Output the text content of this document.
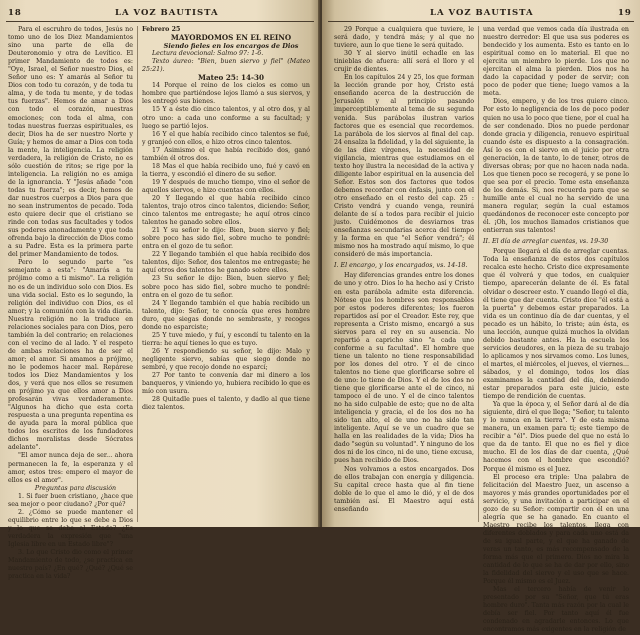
18	LA VOZ BAUTISTA

Para el escruhro de todos, Jesús no tomo uno de los Diez Mandamientos sino una parte de ella de Deuteronomio y otra de Levítico. El primer Mandamiento de todos es: "Oye, Israel, el Señor nuestro Dios, el Señor uno es: Y amarás al Señor tu Dios con todo tu corazón, y de toda tu alma, y de toda tu mente, y de todas tus fuerzas". Hemos de amar a Dios con todo el corazón, nuestras emociones; con toda el alma, con todas nuestras fuerzas espirituales, es decir, Dios ha de ser nuestro Norte y Guía; y hemos de amar a Dios con toda la mente, la inteligencia. La religión verdadera, la religión de Cristo, no es sólo cuestión de ritos; se rige por la inteligencia. La religión no es amiga de la ignorancia. Y "Jesús añade "con todas tu fuerza"; es decir, hemos de dar nuestros cuerpos a Dios para que no sean instrumentos de pecado. Toda esto quiere decir que el cristiano se rinde con todas sus facultades y todos sus poderes anonadamente y que toda ofrenda bajo la dirección de Dios como a su Padre. Esta es la primera parte del primer Mandamiento de todos.

Pero lo segundo parte "es semejante a esta": "Amarás a tu prójimo como a ti mismo". La religión no es de un individuo solo con Dios. Es una vida social. Esto es lo segundo, la religión del individuo con Dios, es el amor; y la comunión con la vida diaria. Nuestra religión no la traduce en relaciones sociales para con Dios, pero también la del contrario; en relaciones con el vecino de al lado. Y el respeto de ambas relaciones ha de ser el amor; el amor. Si amamos a prójimo, no le podemos hacer mal. Repárese todos los Diez Mandamientos y los dos, y verá que nos ellos se resumen en prójimo ya que ellos amor a Dios profesarán vivas verdaderamente. "Algunos ha dicho que esta corta respuesta a una pregunta repentina es de ayuda para la moral pública que todos los escritos de los fundadores dichos moralistas desde Sócrates adelante".

"El amor nunca deja de ser... ahora permanecen la fe, la esperanza y el amor, estos tres: empero el mayor de ellos es el amor".

Preguntas para discusión

1. Si fuer buen cristiano, ¿hace que sea mejor o peor ciudano? ¿Por qué?

2. ¿Cómo se puede mantener el equilibrio entre lo que se debe a Dios y lo que se debe al Estado? ¿Es verdadera la expresión que "una Iglesia libre en un Estado libre"?

3. Lo que Cristo dio como el primer Mandamiento de todo, ¿se practica en nuestro país? ¿En qué? ¿Qué? ¿Qué se practica en la vida?

Febrero 25

MAYORDOMOS EN EL REINO

Siendo fieles en los encargos de Dios

Lectura devocional: Salmo 97: 1-6.

Texto áureo: "Bien, buen siervo y fiel" (Mateo 25:21).

Mateo 25: 14-30

14 Porque el reino de los cielos es como un hombre que partiéndose lejos llamó a sus siervos, y les entregó sus bienes.

15 Y a éste dio cinco talentos, y al otro dos, y al otro uno: a cada uno conforme a su facultad; y luego se partió lejos.

16 Y el que había recibido cinco talentos se fué, y granjeó con ellos, e hizo otros cinco talentos.

17 Asimismo el que había recibido dos, ganó también él otros dos.

18 Mas el que había recibido uno, fué y cavó en la tierra, y escondió el dinero de su señor.

19 Y después de mucho tiempo, vino el señor de aquellos siervos, e hizo cuentas con ellos.

20 Y llegando el que había recibido cinco talentos, trajo otros cinco talentos, diciendo: Señor, cinco talentos me entregaste; he aquí otros cinco talentos he ganado sobre ellos.

21 Y su señor le dijo: Bien, buen siervo y fiel; sobre poco has sido fiel, sobre mucho te pondré: entra en el gozo de tu señor.

22 Y llegando también el que había recibido dos talentos, dijo: Señor, dos talentos me entregaste; he aquí otros dos talentos he ganado sobre ellos.

23 Su señor le dijo: Bien, buen siervo y fiel; sobre poco has sido fiel, sobre mucho te pondré: entra en el gozo de tu señor.

24 Y llegando también el que había recibido un talento, dijo: Señor, te conocía que eres hombre duro, que siegas donde no sembraste, y recoges donde no esparciste;

25 Y tuve miedo, y fuí, y escondí tu talento en la tierra: he aquí tienes lo que es tuyo.

26 Y respondiendo su señor, le dijo: Malo y negligente siervo, sabías que siego donde no sembré, y que recojo donde no esparcí;

27 Por tanto te convenía dar mi dinero a los banqueros, y viniendo yo, hubiera recibido lo que es mío con usura.

28 Quitadle pues el talento, y dadlo al que tiene diez talentos.

LA VOZ BAUTISTA	19

29 Porque a cualquiera que tuviere, le será dado, y tendrá más; y al que no tuviere, aun lo que tiene le será quitado.

30 Y al siervo inútil echadle en las tinieblas de afuera: allí será el lloro y el crujir de dientes.

En los capítulos 24 y 25, los que forman la lección grande por hoy, Cristo está enseñando acerca de la destrucción de Jerusalén y al principio pasando imperceptiblemente al tema de su segunda venida. Sus parábolas ilustran varios factores que es esencial que recordemos. La parábola de los siervos al final del cap. 24 ensalza la fidelidad, y la del siguiente, la de las diez vírgenes, la necesidad de vigilancia, mientras que estudiamos en el texto hoy ilustra la necesidad de la activa y diligente labor espiritual en la ausencia del Señor. Estos son dos factores que todos debemos recordar con énfasis, junto con el otro enseñado en el resto del cap. 25 : Cristo vendrá y cuando venga, reunirá delante de sí a todos para recibir el juicio justo. Cuidémonos de desviarnos tras enseñanzas secundarias acerca del tiempo y la forma en que "el Señor vendrá"; él mismo nos ha mostrado aquí mismo, lo que consideró de más importancia.

I. El encargo, y los encargados, vs. 14-18.

Hay diferencias grandes entre los dones de uno y otro. Dios lo ha hecho así y Cristo en esta parábola admite esta diferencia. Nótese que los hombres son responsables por estos poderes diferentes; los fueron repartidos así por el Creador. Este rey, que representa a Cristo mismo, encargó a sus siervos para el rey en su ausencia. No repartió a capricho sino "a cada uno conforme a su facultad". El hombre que tiene un talento no tiene responsabilidad por los dones del otro. Y el de cinco talentos no tiene que glorificarse sobre el de uno: lo tiene de Dios. Y el de los dos no tiene que glorificarse ante el de cinco, ni tampoco el de uno. Y el de cinco talentos no ha sido culpable de esto; que no de alta inteligencia y gracia, el de los dos no ha sido tan alto, el de uno no ha sido tan inteligente. Aquí se ve un cuadro que se halla en las realidades de la vida; Dios ha dado "según su voluntad". Y ninguno de los dos ni de los cinco, ni de uno, tiene excusa, pues han recibido de Dios.

Nos volvamos a estos encargados. Dos de ellos trabajan con energía y diligencia. Su capital crece hasta que al fin tiene doble de lo que el amo le dió, y el de dos también así. El Maestro aquí está enseñando

una verdad que vemos cada día ilustrada en nuestro derredor: El que usa sus poderes es bendecido y los aumenta. Esto es tanto en lo espiritual como en lo material. El que no ejercita un miembro lo pierde. Los que no ejercitan el alma la pierden. Dios nos ha dado la capacidad y poder de servir; con poco de poder que tiene; luego vamos a la meta.

Dios, empero, y de los tres quiero cinco. Por esto lo negligencia de los de poco poder quien no usa lo poco que tiene, por el cual ha de ser condenado. Dios no puede perdonar donde gracia y diligencia, renuevo espiritual cuando éste es dispuesto a la consagración. Así lo es con el siervo en el juicio por otra generación, la de tanto, lo de tener, otros de diversas obras; por que no hacen nada nada. Los que tienen poco se recogerá, y se pone lo que sea por el precio. Tome esta enseñanza de los demás. Si, nos recuerda para que se humille ante el cual no ha servido de una manera regular, según la cual estamos quedándonos de reconocer este concepto por él. ¡Oh, los muchos llamados cristianos que entierran sus talentos!

II. El día de arreglar cuentas, vs. 19-30

Porque llegará el día de arreglar cuentas. Toda la enseñanza de estos dos capítulos recalca este hecho. Cristo dice expresamente que él volverá y que todos, en cualquier tiempo, aparecerán delante de él. Es fatal olvidar o descreer esto. Y cuando llegó el día, él tiene que dar cuenta. Cristo dice "él está a la puerta" y debemos estar preparados. La vida es un continuo día de dar cuentas, y el pecado es un hábito, lo triste; aún ésta, es una lección, aunque quizá muchos la olvidan debido bastante antes. Ha la escuela los servicios deudores, en la pieza de su trabajo lo aplicamos y nos sirvamos como. Los lunes, el martes, el miércoles, el jueves, el viernes... sábados, y el domingo, todos los días examinamos la cantidad del día, debiendo estar preparados para este juicio, este tiempo de rendición de cuentas.

Ya que la época y, el Señor dará al de día siguiente, dirá el que llega; "Señor, tu talento y lo nunca en la tierra". Y de esta misma manera, un examen para ti; este tiempo de recibir a "él". Dios puede del que no está lo que da de tanto. El que no es fiel y dice mucho. El de los días de dar cuenta, ¿Qué hacemos con el hombre que escondió? Porque él mismo es el Juez.

El proceso era triple: Una palabra de felicitación del Maestro Juez, un ascenso a mayores y más grandes oportunidades por el servicio, y una invitación a participar en el gozo de su Señor: compartir con él en una alegría que se ha ganado. En cuanto el Maestro recibe los talentos, llega con diferentes doblados y para cada uno está da de su igual parte, y el que ha ganado de veras un tanto, es más recompensado de la forma más que el primero. Dios no mira la cantidad de lo que se ha de dar por ello, sino la fidelidad del siervo y el uso que se hace. Porque él mismo es el Juez.

Mas el tercero había de venir lo presentado por su "Señor, que tú eras hombre duro". Tanta más razón por la cual le debía ser fiel. Por tanto aquí él fue condenado en agradarle entonces. Lo que encontramos más exigentes en la religión de
